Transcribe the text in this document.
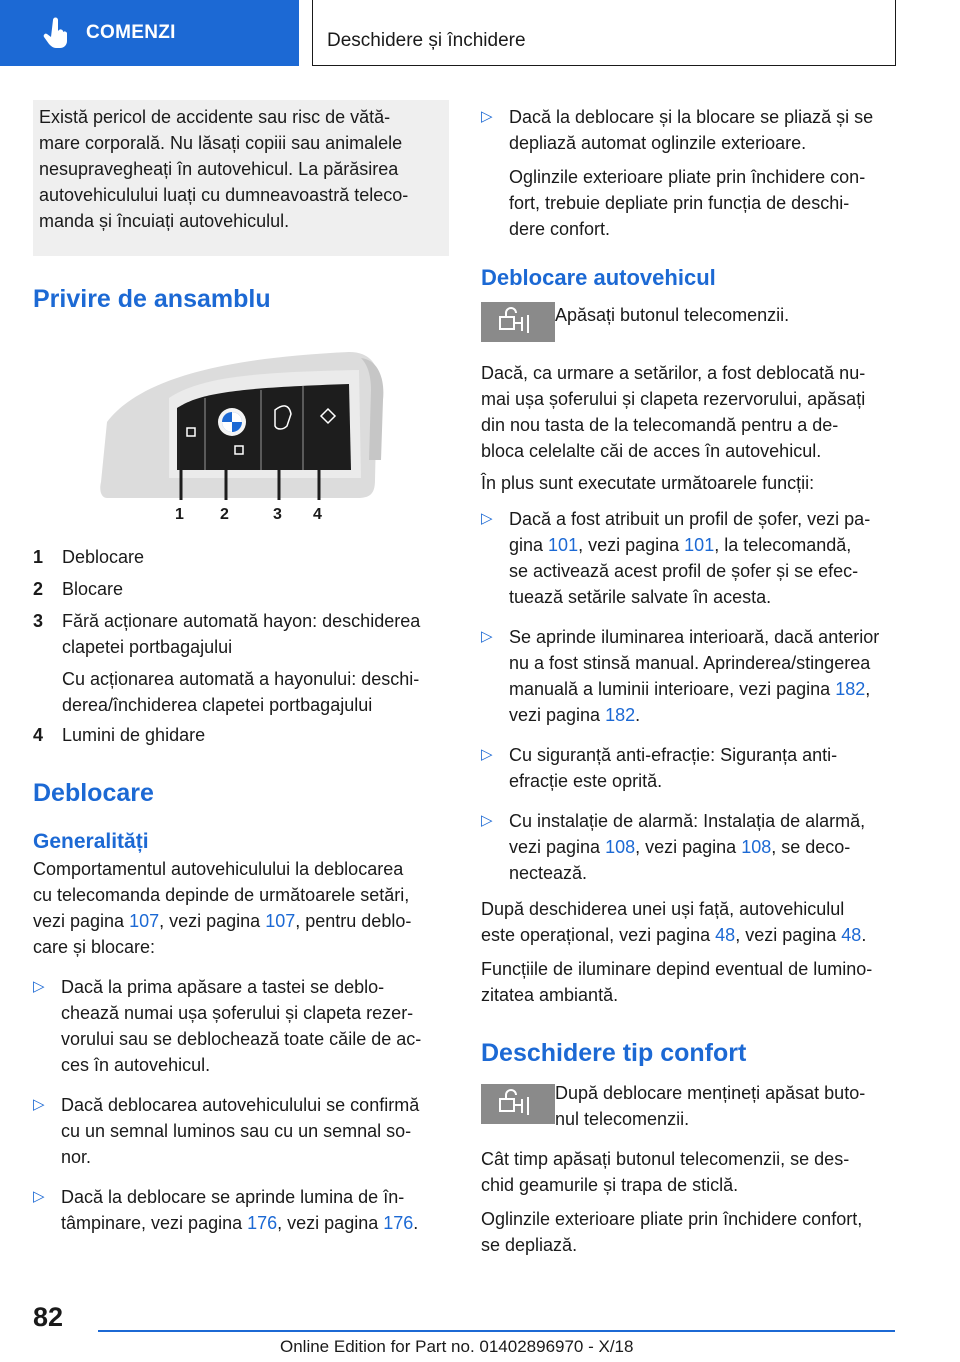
COMENZI	Deschidere și închidere

Există pericol de accidente sau risc de vătă-

mare corporală. Nu lăsați copiii sau animalele

nesupravegheați în autovehicul. La părăsirea

autovehiculului luați cu dumneavoastră teleco-

manda și încuiați autovehiculul.

Privire de ansamblu
1 2	3 4
1	Deblocare
2	Blocare
3	Fără acționare automată hayon: deschiderea

clapetei portbagajului

Cu acționarea automată a hayonului: deschi-

derea/închiderea clapetei portbagajului

4	Lumini de ghidare
Deblocare
Generalități

Comportamentul autovehiculului la deblocarea

cu telecomanda depinde de următoarele setări,

vezi pagina 107, vezi pagina 107, pentru deblo-

care și blocare:

▷ Dacă la prima apăsare a tastei se deblo-

chează numai ușa șoferului și clapeta rezer-

vorului sau se deblochează toate căile de ac-

ces în autovehicul.

▷ Dacă deblocarea autovehiculului se confirmă

cu un semnal luminos sau cu un semnal so-

nor.

▷ Dacă la deblocare se aprinde lumina de în-

tâmpinare, vezi pagina 176, vezi pagina 176.

▷ Dacă la deblocare și la blocare se pliază și se

depliază automat oglinzile exterioare.

Oglinzile exterioare pliate prin închidere con-

fort, trebuie depliate prin funcția de deschi-

dere confort.

Deblocare autovehicul

Apăsați butonul telecomenzii.

Dacă, ca urmare a setărilor, a fost deblocată nu-

mai ușa șoferului și clapeta rezervorului, apăsați

din nou tasta de la telecomandă pentru a de-

bloca celelalte căi de acces în autovehicul.

În plus sunt executate următoarele funcții:

▷ Dacă a fost atribuit un profil de șofer, vezi pa-

gina 101, vezi pagina 101, la telecomandă,

se activează acest profil de șofer și se efec-

tuează setările salvate în acesta.

▷ Se aprinde iluminarea interioară, dacă anterior

nu a fost stinsă manual. Aprinderea/stingerea

manuală a luminii interioare, vezi pagina 182,

vezi pagina 182.

▷ Cu siguranță anti-efracție: Siguranța anti-

efracție este oprită.

▷ Cu instalație de alarmă: Instalația de alarmă,

vezi pagina 108, vezi pagina 108, se deco-

nectează.

După deschiderea unei uși față, autovehiculul

este operațional, vezi pagina 48, vezi pagina 48.

Funcțiile de iluminare depind eventual de lumino-

zitatea ambiantă.

Deschidere tip confort

După deblocare mențineți apăsat buto-

nul telecomenzii.

Cât timp apăsați butonul telecomenzii, se des-

chid geamurile și trapa de sticlă.

Oglinzile exterioare pliate prin închidere confort,

se depliază.

82
Online Edition for Part no. 01402896970 - X/18
